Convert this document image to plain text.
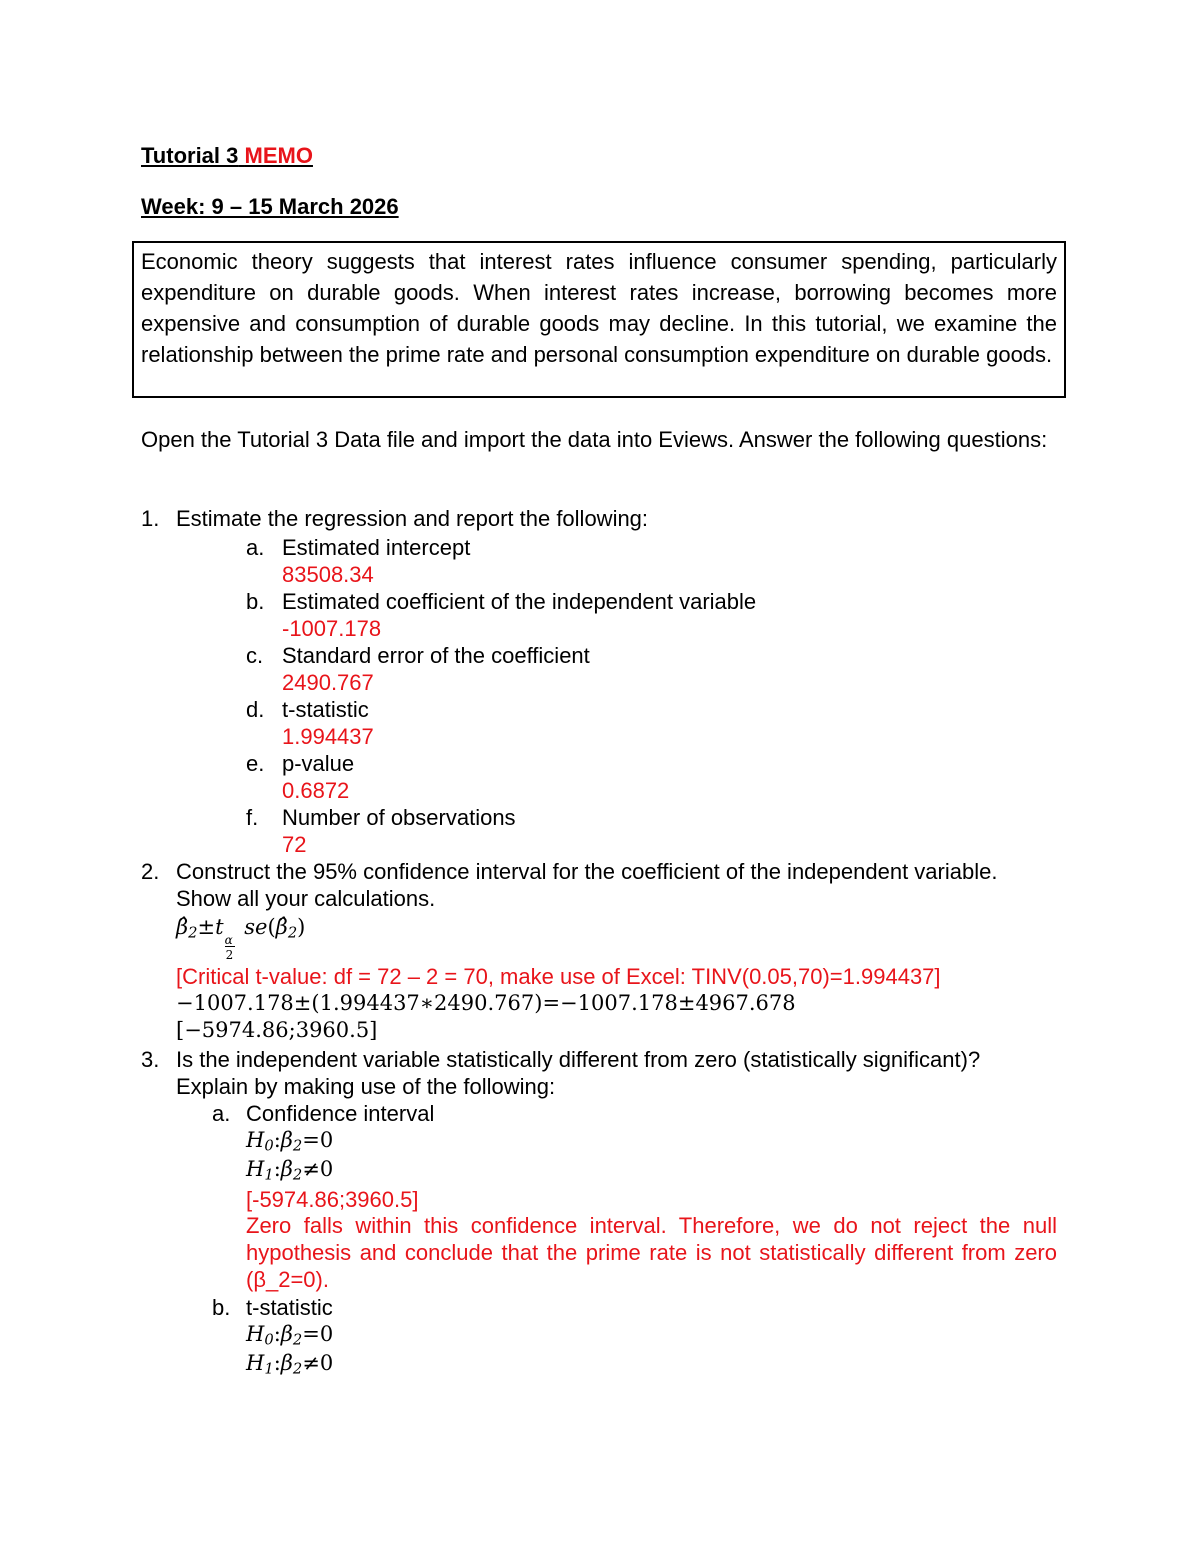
Tutorial 3 MEMO
Week: 9 – 15 March 2026
Economic theory suggests that interest rates influence consumer spending, particularly expenditure on durable goods. When interest rates increase, borrowing becomes more expensive and consumption of durable goods may decline. In this tutorial, we examine the relationship between the prime rate and personal consumption expenditure on durable goods.
Open the Tutorial 3 Data file and import the data into Eviews. Answer the following questions:
1. Estimate the regression and report the following:
a. Estimated intercept
83508.34
b. Estimated coefficient of the independent variable
-1007.178
c. Standard error of the coefficient
2490.767
d. t-statistic
1.994437
e. p-value
0.6872
f. Number of observations
72
2. Construct the 95% confidence interval for the coefficient of the independent variable.
Show all your calculations.
$\betâ_2\pm t \frac{\alpha}{2}$ $se(\betâ_2)$
[Critical t-value: df = 72 – 2 = 70, make use of Excel: TINV(0.05,70)=1.994437]
−1007.178±(1.994437∗2490.767)=−1007.178±4967.678
[−5974.86;3960.5]
3. Is the independent variable statistically different from zero (statistically significant)?
Explain by making use of the following:
a. Confidence interval
$H_0:\beta_2=0$
$H_1:\beta_2\ne 0$
[-5974.86;3960.5]
Zero falls within this confidence interval. Therefore, we do not reject the null hypothesis and conclude that the prime rate is not statistically different from zero (β_2=0).
b. t-statistic
$H_0:\beta_2=0$
$H_1:\beta_2\ne 0$
